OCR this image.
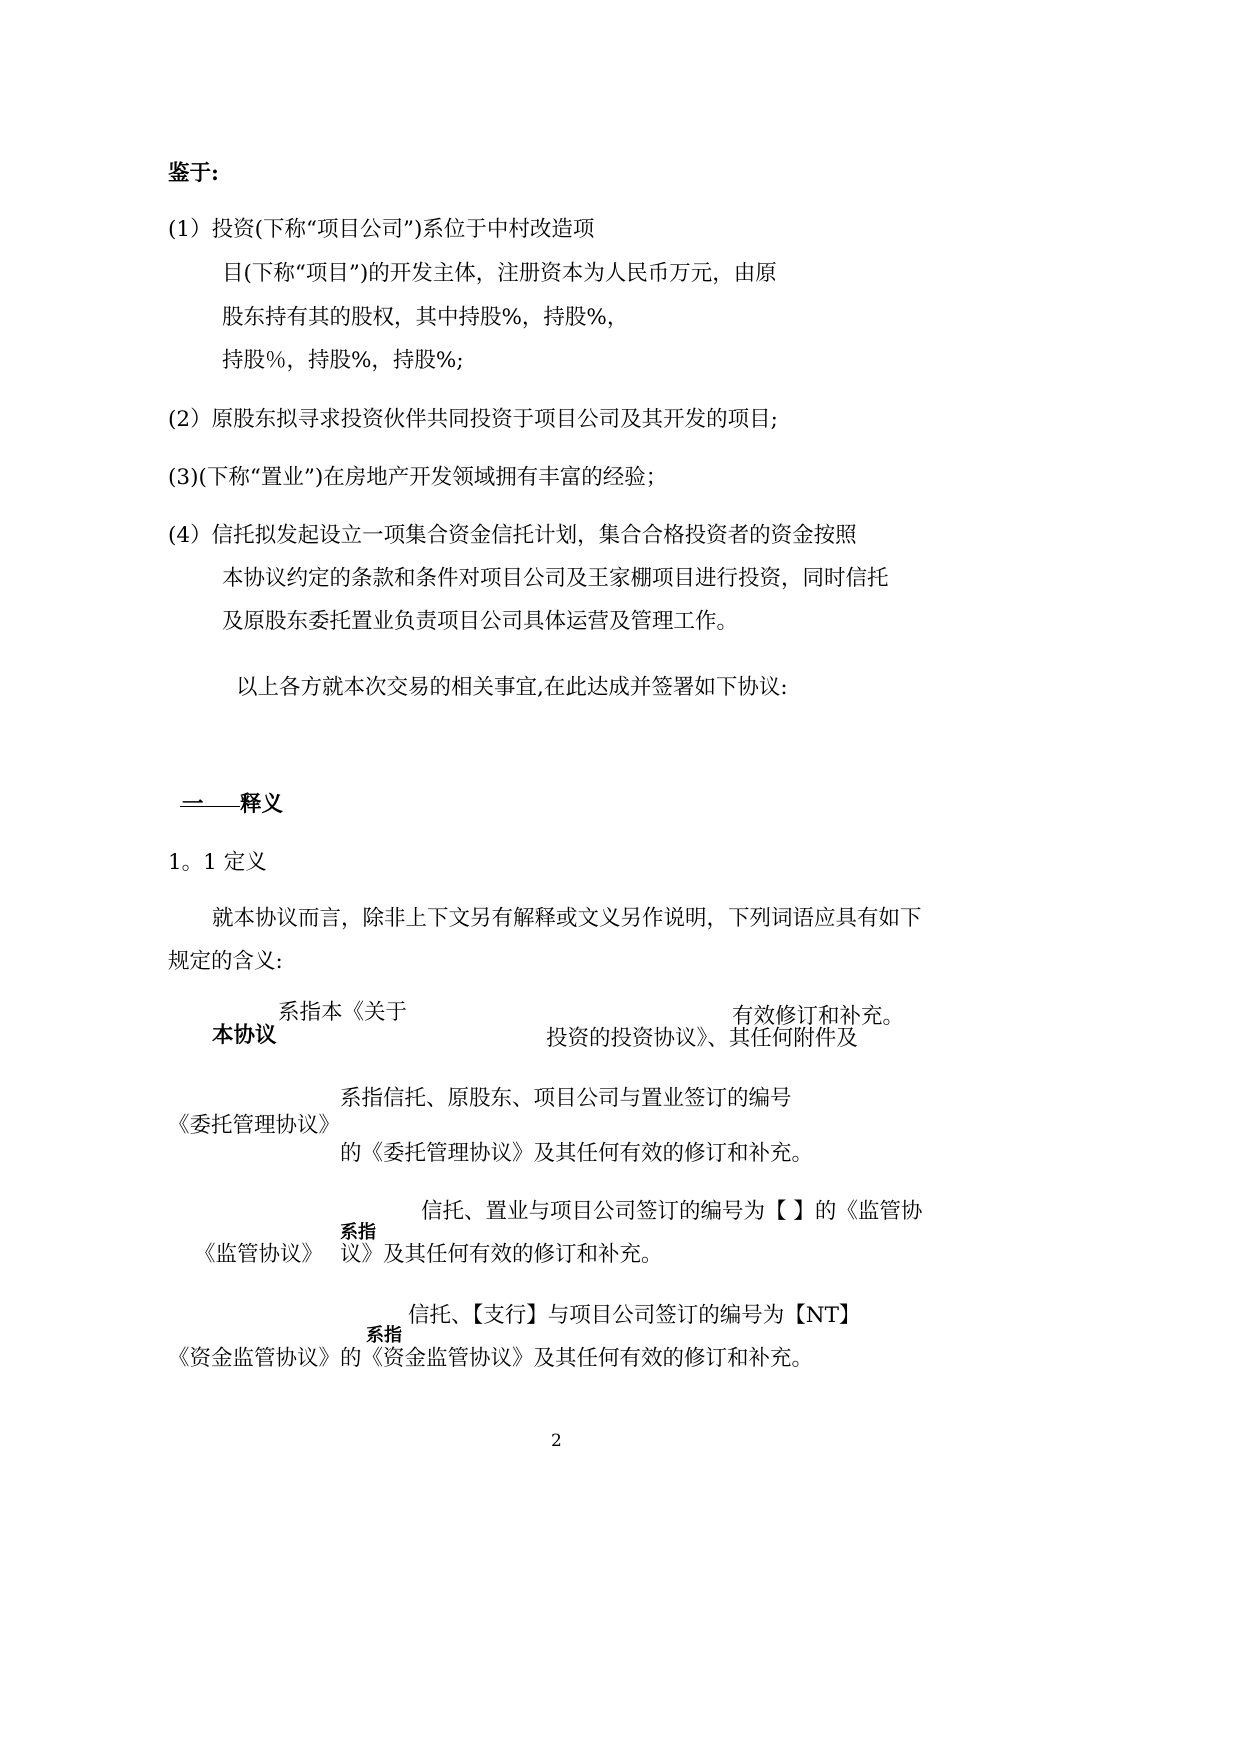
鉴于:
(1）投资(下称“项目公司”)系位于中村改造项
目(下称“项目”)的开发主体，注册资本为人民币万元，由原
股东持有其的股权，其中持股%，持股%，
持股％，持股%，持股%;
(2）原股东拟寻求投资伙伴共同投资于项目公司及其开发的项目;
(3)(下称“置业”)在房地产开发领域拥有丰富的经验；
(4）信托拟发起设立一项集合资金信托计划，集合合格投资者的资金按照
本协议约定的条款和条件对项目公司及王家棚项目进行投资，同时信托
及原股东委托置业负责项目公司具体运营及管理工作。
以上各方就本次交易的相关事宜,在此达成并签署如下协议:
一 释义
1。1 定义
就本协议而言，除非上下文另有解释或文义另作说明，下列词语应具有如下
规定的含义:
系指本《关于	有效修订和补充。
本协议	投资的投资协议》、其任何附件及
系指信托、原股东、项目公司与置业签订的编号
《委托管理协议》
的《委托管理协议》及其任何有效的修订和补充。
信托、置业与项目公司签订的编号为【 】的《监管协
系指
《监管协议》 议》及其任何有效的修订和补充。
信托、【支行】与项目公司签订的编号为【NT】
系指
《资金监管协议》 的《资金监管协议》及其任何有效的修订和补充。
2
